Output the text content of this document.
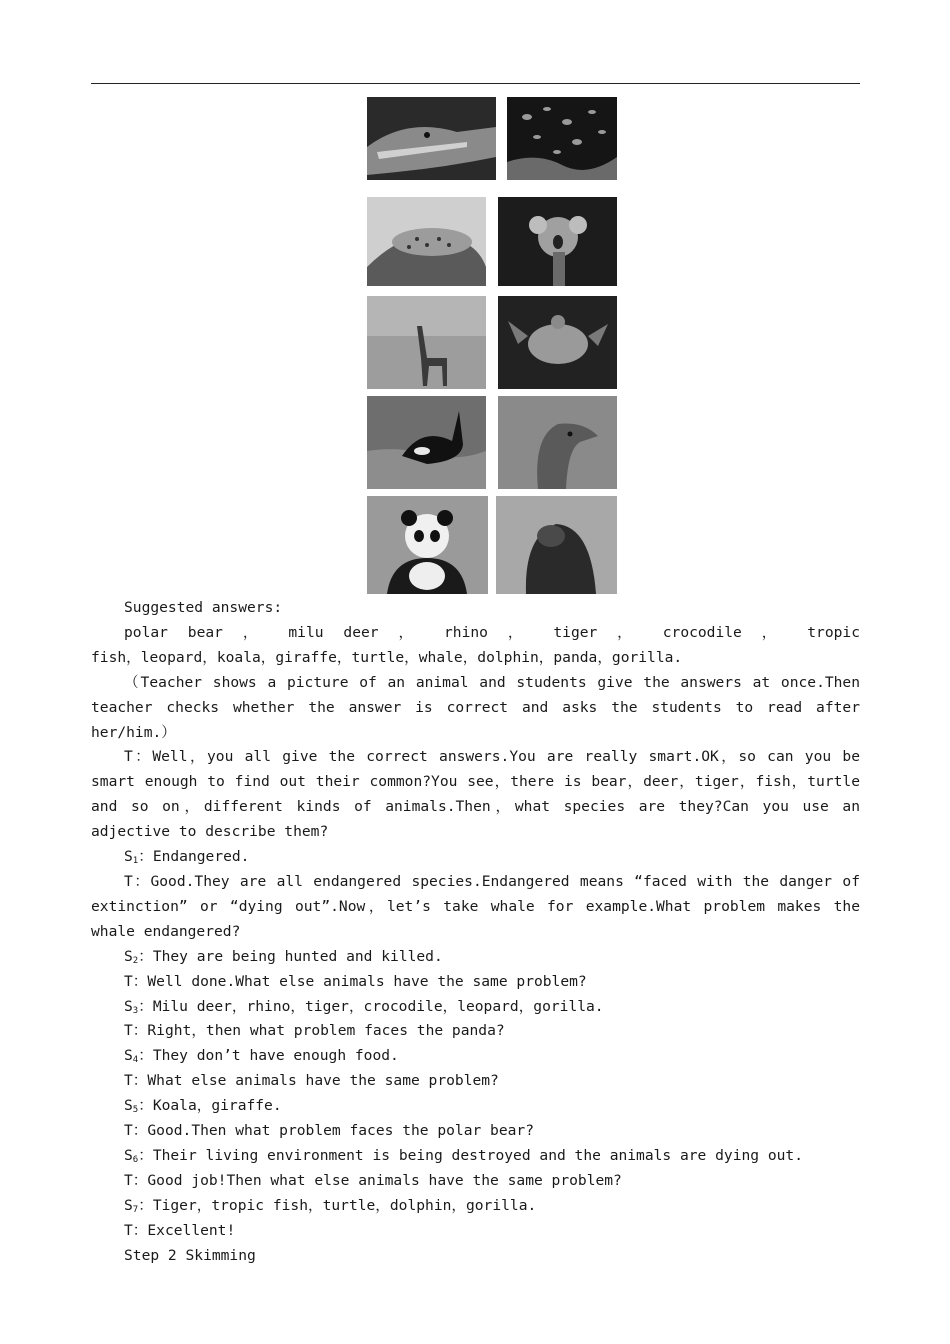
Suggested answers:

polar bear ， milu deer ， rhino ， tiger ， crocodile ， tropic

fish，leopard，koala，giraffe，turtle，whale，dolphin，panda，gorilla.

（Teacher shows a picture of an animal and students give the answers at once.Then teacher checks whether the answer is correct and asks the students to read after her/him.）

T：Well，you all give the correct answers.You are really smart.OK，so can you be smart enough to find out their common?You see，there is bear，deer，tiger，fish，turtle and so on，different kinds of animals.Then，what species are they?Can you use an adjective to describe them?

$S_1$：Endangered.

T：Good.They are all endangered species.Endangered means “faced with the danger of extinction” or “dying out”.Now，let’s take whale for example.What problem makes the whale endangered?

$S_2$：They are being hunted and killed.

T：Well done.What else animals have the same problem?

$S_3$：Milu deer，rhino，tiger，crocodile，leopard，gorilla.

T：Right，then what problem faces the panda?

$S_4$：They don’t have enough food.

T：What else animals have the same problem?

$S_5$：Koala，giraffe.

T：Good.Then what problem faces the polar bear?

$S_6$：Their living environment is being destroyed and the animals are dying out.

T：Good job!Then what else animals have the same problem?

$S_7$：Tiger，tropic fish，turtle，dolphin，gorilla.

T：Excellent!

Step 2 Skimming
